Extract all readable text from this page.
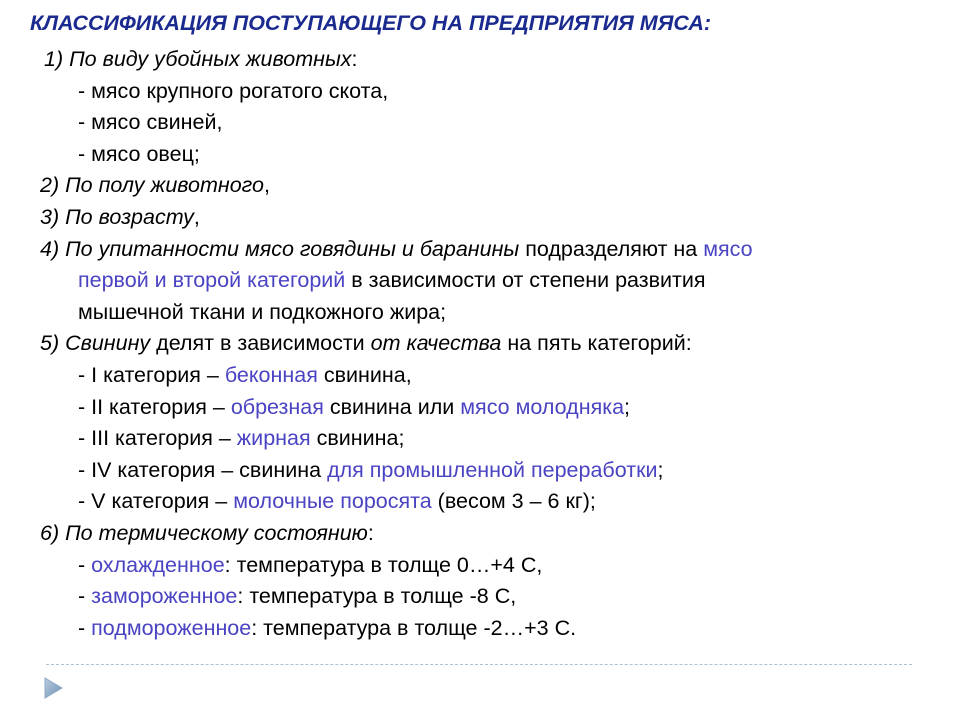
КЛАССИФИКАЦИЯ ПОСТУПАЮЩЕГО НА ПРЕДПРИЯТИЯ МЯСА:
1) По виду убойных животных:
- мясо крупного рогатого скота,
- мясо свиней,
- мясо овец;
2) По полу животного,
3) По возрасту,
4) По упитанности мясо говядины и баранины подразделяют на мясо
первой и второй категорий в зависимости от степени развития
мышечной ткани и подкожного жира;
5) Свинину делят в зависимости от качества на пять категорий:
- I категория – беконная свинина,
- II категория – обрезная свинина или мясо молодняка;
- III категория – жирная свинина;
- IV категория – свинина для промышленной переработки;
- V категория – молочные поросята (весом 3 – 6 кг);
6) По термическому состоянию:
- охлажденное: температура в толще 0…+4 С,
- замороженное: температура в толще -8 С,
- подмороженное: температура в толще -2…+3 С.
